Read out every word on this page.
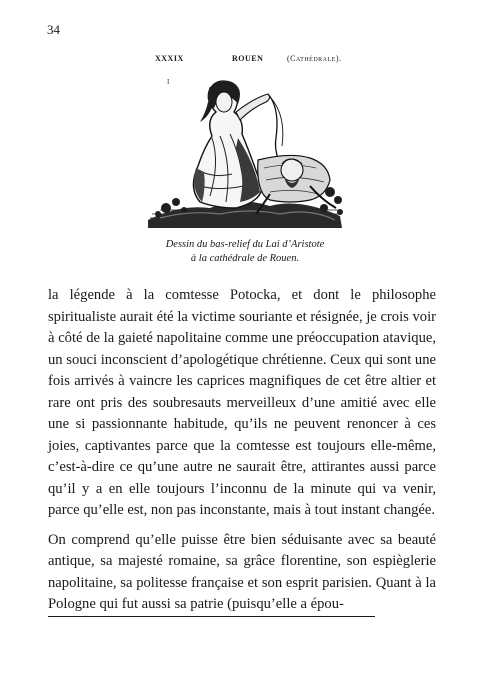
34
XXXIX	ROUEN	(Cathédrale).
I
Dessin du bas-relief du Lai d’Aristote
à la cathédrale de Rouen.

la légende à la comtesse Potocka, et dont le philosophe spiritualiste aurait été la victime souriante et résignée, je crois voir à côté de la gaieté napolitaine comme une préoccupation atavique, un souci inconscient d’apologétique chrétienne. Ceux qui sont une fois arrivés à vaincre les caprices magnifiques de cet être altier et rare ont pris des soubresauts merveilleux d’une amitié avec elle une si passionnante habitude, qu’ils ne peuvent renoncer à ces joies, captivantes parce que la comtesse est toujours elle-même, c’est-à-dire ce qu’une autre ne saurait être, attirantes aussi parce qu’il y a en elle toujours l’inconnu de la minute qui va venir, parce qu’elle est, non pas inconstante, mais à tout instant changée.

On comprend qu’elle puisse être bien séduisante avec sa beauté antique, sa majesté romaine, sa grâce florentine, son espièglerie napolitaine, sa politesse française et son esprit parisien. Quant à la Pologne qui fut aussi sa patrie (puisqu’elle a épou-
